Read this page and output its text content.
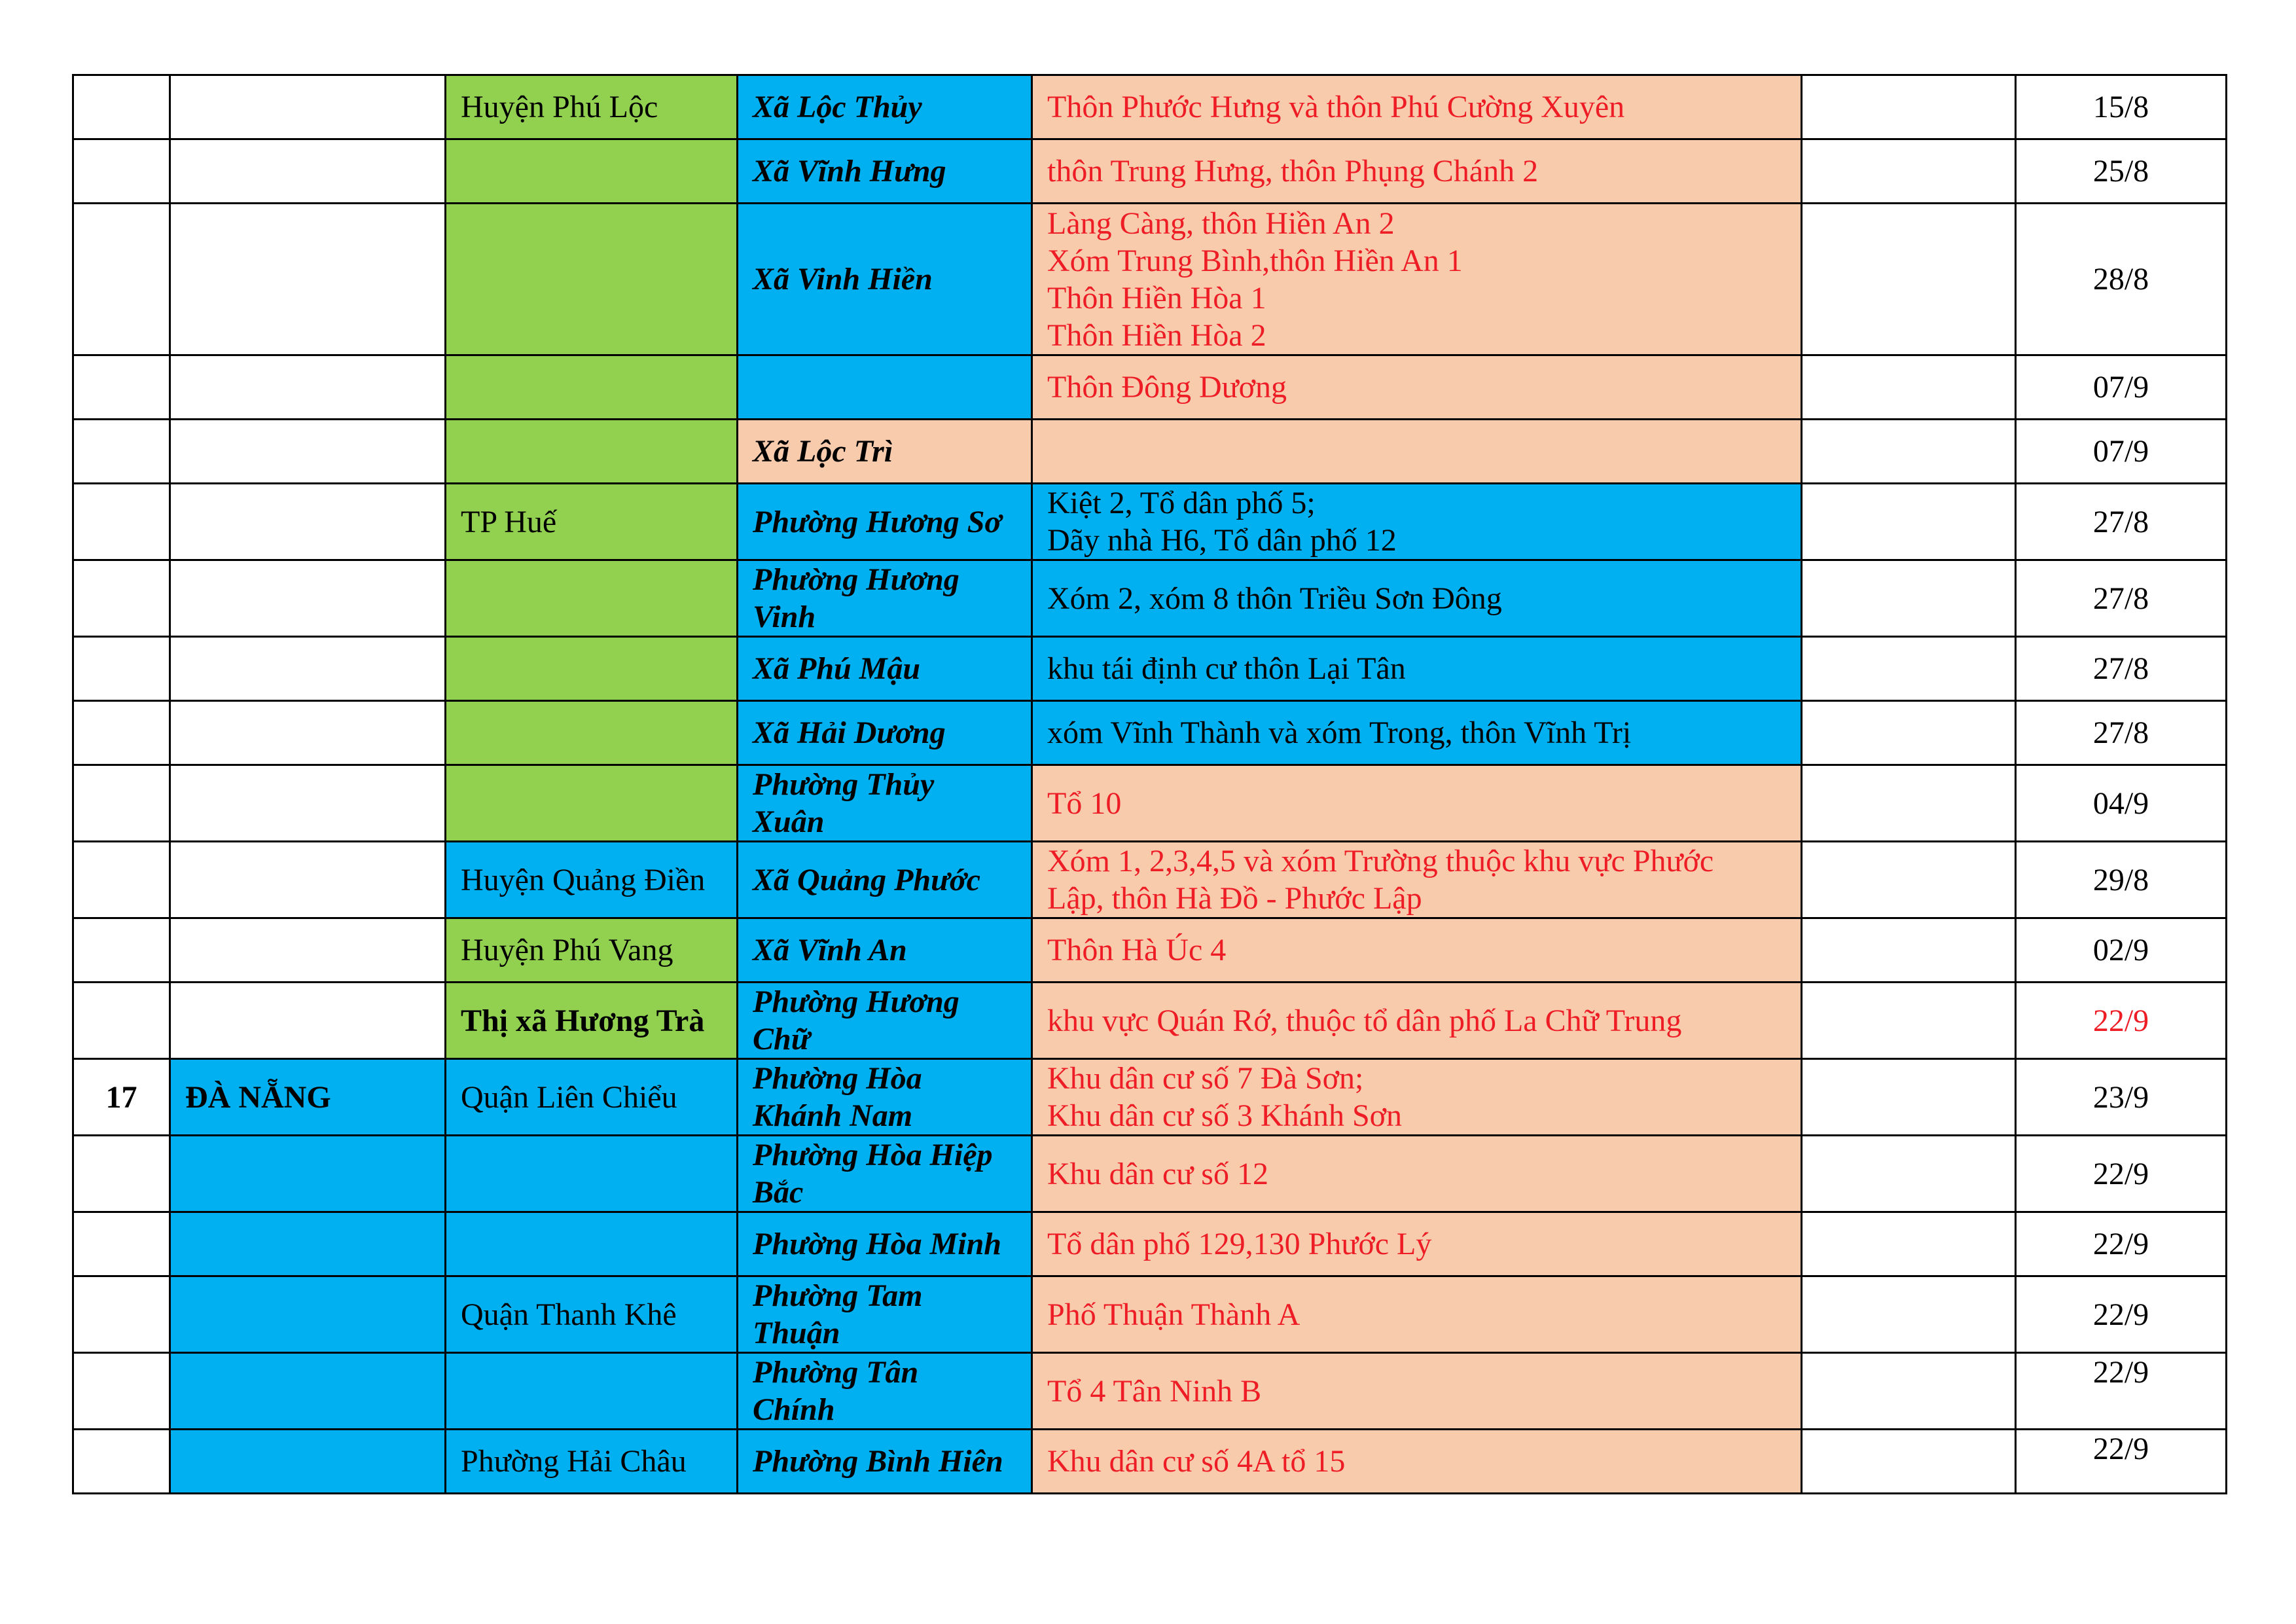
		Huyện Phú Lộc	Xã Lộc Thủy	Thôn Phước Hưng và thôn Phú Cường Xuyên		15/8

			Xã Vĩnh Hưng	thôn Trung Hưng, thôn Phụng Chánh 2		25/8

			Xã Vinh Hiền	Làng Càng, thôn Hiền An 2
Xóm Trung Bình,thôn Hiền An 1
Thôn Hiền Hòa 1
Thôn Hiền Hòa 2		28/8

				Thôn Đông Dương		07/9

			Xã Lộc Trì			07/9
		TP Huế	Phường Hương Sơ	Kiệt 2, Tổ dân phố 5;
Dãy nhà H6, Tổ dân phố 12		27/8

			Phường Hương
Vinh	Xóm 2, xóm 8 thôn Triều Sơn Đông		27/8

			Xã Phú Mậu	khu tái định cư thôn Lại Tân		27/8

			Xã Hải Dương	xóm Vĩnh Thành và xóm Trong, thôn Vĩnh Trị		27/8

			Phường Thủy
Xuân	Tổ 10		04/9
		Huyện Quảng Điền	Xã Quảng Phước	Xóm 1, 2,3,4,5 và xóm Trường thuộc khu vực Phước
Lập, thôn Hà Đồ - Phước Lập		29/8
		Huyện Phú Vang	Xã Vĩnh An	Thôn Hà Úc 4		02/9
		Thị xã Hương Trà	Phường Hương
Chữ	khu vực Quán Rớ, thuộc tổ dân phố La Chữ Trung		22/9
17	ĐÀ NẴNG	Quận Liên Chiểu	Phường Hòa
Khánh Nam	Khu dân cư số 7 Đà Sơn;
Khu dân cư số 3 Khánh Sơn		23/9

			Phường Hòa Hiệp
Bắc	Khu dân cư số 12		22/9

			Phường Hòa Minh	Tổ dân phố 129,130 Phước Lý		22/9
		Quận Thanh Khê	Phường Tam
Thuận	Phố Thuận Thành A		22/9

			Phường Tân
Chính	Tổ 4 Tân Ninh B		22/9
		Phường Hải Châu	Phường Bình Hiên	Khu dân cư số 4A tổ 15		22/9
